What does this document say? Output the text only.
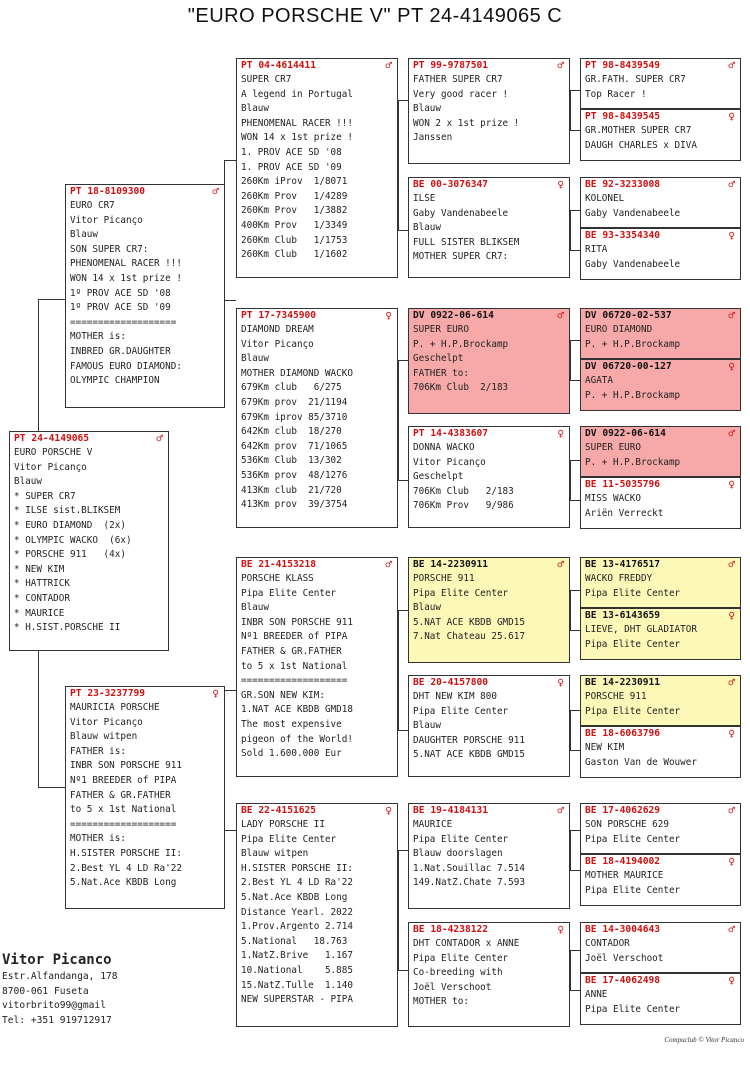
"EURO PORSCHE V" PT 24-4149065 C
PT 24-4149065	♂
EURO PORSCHE V
Vitor Picanço
Blauw
* SUPER CR7
* ILSE sist.BLIKSEM
* EURO DIAMOND  (2x)
* OLYMPIC WACKO  (6x)
* PORSCHE 911   (4x)
* NEW KIM
* HATTRICK
* CONTADOR
* MAURICE
* H.SIST.PORSCHE II
PT 18-8109300	♂
EURO CR7
Vitor Picanço
Blauw
SON SUPER CR7:
PHENOMENAL RACER !!!
WON 14 x 1st prize !
1º PROV ACE SD '08
1º PROV ACE SD '09
===================
MOTHER is:
INBRED GR.DAUGHTER
FAMOUS EURO DIAMOND:
OLYMPIC CHAMPION
PT 23-3237799	♀
MAURICIA PORSCHE
Vitor Picanço
Blauw witpen
FATHER is:
INBR SON PORSCHE 911
Nº1 BREEDER of PIPA
FATHER & GR.FATHER
to 5 x 1st National
===================
MOTHER is:
H.SISTER PORSCHE II:
2.Best YL 4 LD Ra'22
5.Nat.Ace KBDB Long
PT 04-4614411	♂
SUPER CR7
A legend in Portugal
Blauw
PHENOMENAL RACER !!!
WON 14 x 1st prize !
1. PROV ACE SD '08
1. PROV ACE SD '09
260Km iProv  1/8071
260Km Prov   1/4289
260Km Prov   1/3882
400Km Prov   1/3349
260Km Club   1/1753
260Km Club   1/1602
PT 17-7345900	♀
DIAMOND DREAM
Vitor Picanço
Blauw
MOTHER DIAMOND WACKO
679Km club   6/275
679Km prov  21/1194
679Km iprov 85/3710
642Km club  18/270
642Km prov  71/1065
536Km Club  13/302
536Km prov  48/1276
413Km club  21/720
413Km prov  39/3754
BE 21-4153218	♂
PORSCHE KLASS
Pipa Elite Center
Blauw
INBR SON PORSCHE 911
Nº1 BREEDER of PIPA
FATHER & GR.FATHER
to 5 x 1st National
===================
GR.SON NEW KIM:
1.NAT ACE KBDB GMD18
The most expensive
pigeon of the World!
Sold 1.600.000 Eur
BE 22-4151625	♀
LADY PORSCHE II
Pipa Elite Center
Blauw witpen
H.SISTER PORSCHE II:
2.Best YL 4 LD Ra'22
5.Nat.Ace KBDB Long
Distance Yearl. 2022
1.Prov.Argento 2.714
5.National   18.763
1.NatZ.Brive   1.167
10.National    5.885
15.NatZ.Tulle  1.140
NEW SUPERSTAR - PIPA
PT 99-9787501	♂
FATHER SUPER CR7
Very good racer !
Blauw
WON 2 x 1st prize !
Janssen
BE 00-3076347	♀
ILSE
Gaby Vandenabeele
Blauw
FULL SISTER BLIKSEM
MOTHER SUPER CR7:
DV 0922-06-614	♂
SUPER EURO
P. + H.P.Brockamp
Geschelpt
FATHER to:
706Km Club  2/183
PT 14-4383607	♀
DONNA WACKO
Vitor Picanço
Geschelpt
706Km Club   2/183
706Km Prov   9/986
BE 14-2230911	♂
PORSCHE 911
Pipa Elite Center
Blauw
5.NAT ACE KBDB GMD15
7.Nat Chateau 25.617
BE 20-4157800	♀
DHT NEW KIM 800
Pipa Elite Center
Blauw
DAUGHTER PORSCHE 911
5.NAT ACE KBDB GMD15
BE 19-4184131	♂
MAURICE
Pipa Elite Center
Blauw doorslagen
1.Nat.Souillac 7.514
149.NatZ.Chate 7.593
BE 18-4238122	♀
DHT CONTADOR x ANNE
Pipa Elite Center
Co-breeding with
Joël Verschoot
MOTHER to:
PT 98-8439549	♂
GR.FATH. SUPER CR7
Top Racer !
PT 98-8439545	♀
GR.MOTHER SUPER CR7
DAUGH CHARLES x DIVA
BE 92-3233008	♂
KOLONEL
Gaby Vandenabeele
BE 93-3354340	♀
RITA
Gaby Vandenabeele
DV 06720-02-537	♂
EURO DIAMOND
P. + H.P.Brockamp
DV 06720-00-127	♀
AGATA
P. + H.P.Brockamp
DV 0922-06-614	♂
SUPER EURO
P. + H.P.Brockamp
BE 11-5035796	♀
MISS WACKO
Ariën Verreckt
BE 13-4176517	♂
WACKO FREDDY
Pipa Elite Center
BE 13-6143659	♀
LIEVE, DHT GLADIATOR
Pipa Elite Center
BE 14-2230911	♂
PORSCHE 911
Pipa Elite Center
BE 18-6063796	♀
NEW KIM
Gaston Van de Wouwer
BE 17-4062629	♂
SON PORSCHE 629
Pipa Elite Center
BE 18-4194002	♀
MOTHER MAURICE
Pipa Elite Center
BE 14-3004643	♂
CONTADOR
Joël Verschoot
BE 17-4062498	♀
ANNE
Pipa Elite Center
Vitor Picanco
Estr.Alfandanga, 178
8700-061 Fuseta
vitorbrito99@gmail
Tel: +351 919712917
Compuclub © Vitor Picanco
